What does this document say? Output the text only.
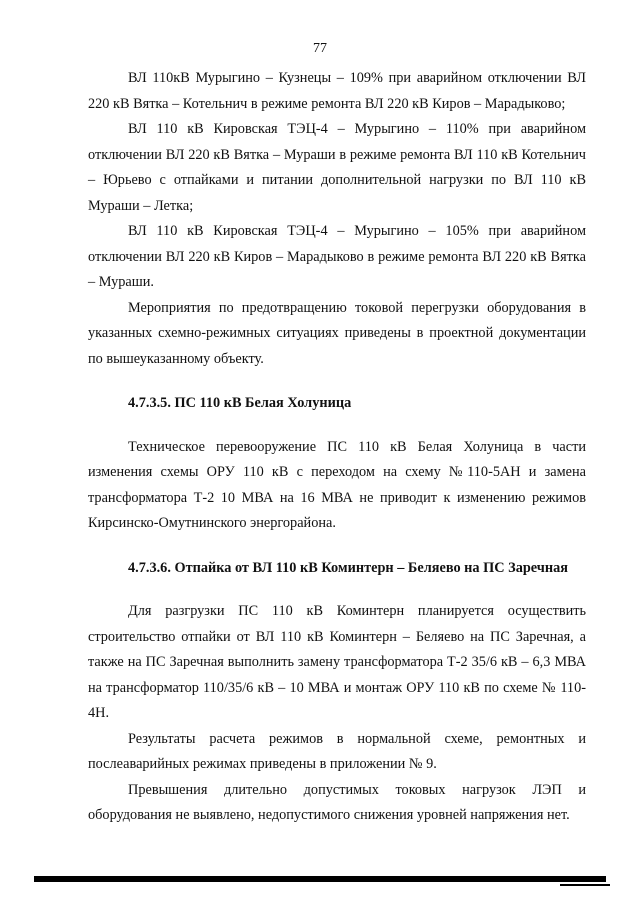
77

ВЛ 110кВ Мурыгино – Кузнецы – 109% при аварийном отключении ВЛ 220 кВ Вятка – Котельнич в режиме ремонта ВЛ 220 кВ Киров – Марадыково;

ВЛ 110 кВ Кировская ТЭЦ-4 – Мурыгино – 110% при аварийном отключении ВЛ 220 кВ Вятка – Мураши в режиме ремонта ВЛ 110 кВ Котельнич – Юрьево с отпайками и питании дополнительной нагрузки по ВЛ 110 кВ Мураши – Летка;

ВЛ 110 кВ Кировская ТЭЦ-4 – Мурыгино – 105% при аварийном отключении ВЛ 220 кВ Киров – Марадыково в режиме ремонта ВЛ 220 кВ Вятка – Мураши.

Мероприятия по предотвращению токовой перегрузки оборудования в указанных схемно-режимных ситуациях приведены в проектной документации по вышеуказанному объекту.

4.7.3.5. ПС 110 кВ Белая Холуница

Техническое перевооружение ПС 110 кВ Белая Холуница в части изменения схемы ОРУ 110 кВ с переходом на схему №110-5АН и замена трансформатора Т-2 10 МВА на 16 МВА не приводит к изменению режимов Кирсинско-Омутнинского энергорайона.

4.7.3.6. Отпайка от ВЛ 110 кВ Коминтерн – Беляево на ПС Заречная

Для разгрузки ПС 110 кВ Коминтерн планируется осуществить строительство отпайки от ВЛ 110 кВ Коминтерн – Беляево на ПС Заречная, а также на ПС Заречная выполнить замену трансформатора Т-2 35/6 кВ – 6,3 МВА на трансформатор 110/35/6 кВ – 10 МВА и монтаж ОРУ 110 кВ по схеме № 110-4Н.

Результаты расчета режимов в нормальной схеме, ремонтных и послеаварийных режимах приведены в приложении № 9.

Превышения длительно допустимых токовых нагрузок ЛЭП и оборудования не выявлено, недопустимого снижения уровней напряжения нет.
